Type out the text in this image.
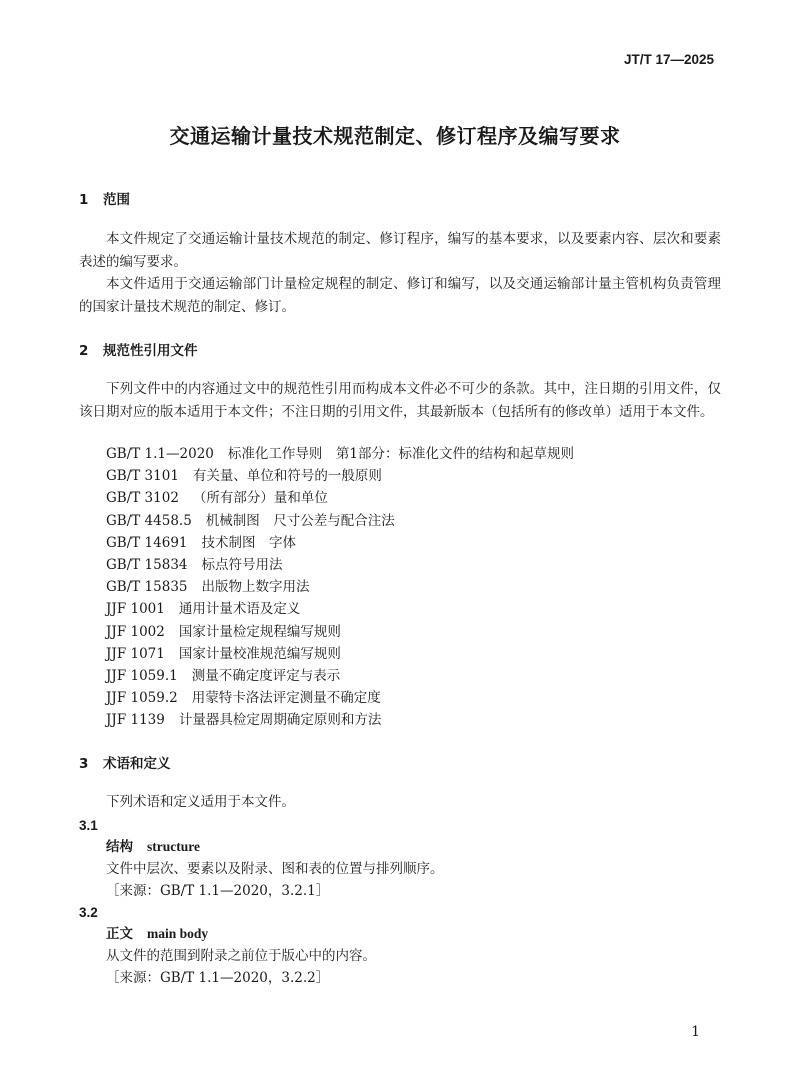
JT/T 17—2025
交通运输计量技术规范制定、修订程序及编写要求
1 范围
本文件规定了交通运输计量技术规范的制定、修订程序，编写的基本要求，以及要素内容、层次和要素表述的编写要求。
本文件适用于交通运输部门计量检定规程的制定、修订和编写，以及交通运输部计量主管机构负责管理的国家计量技术规范的制定、修订。
2 规范性引用文件
下列文件中的内容通过文中的规范性引用而构成本文件必不可少的条款。其中，注日期的引用文件，仅该日期对应的版本适用于本文件；不注日期的引用文件，其最新版本（包括所有的修改单）适用于本文件。
GB/T 1.1—2020 标准化工作导则　第1部分：标准化文件的结构和起草规则
GB/T 3101 有关量、单位和符号的一般原则
GB/T 3102 （所有部分）量和单位
GB/T 4458.5 机械制图　尺寸公差与配合注法
GB/T 14691 技术制图　字体
GB/T 15834 标点符号用法
GB/T 15835 出版物上数字用法
JJF 1001 通用计量术语及定义
JJF 1002 国家计量检定规程编写规则
JJF 1071 国家计量校准规范编写规则
JJF 1059.1 测量不确定度评定与表示
JJF 1059.2 用蒙特卡洛法评定测量不确定度
JJF 1139 计量器具检定周期确定原则和方法
3 术语和定义
下列术语和定义适用于本文件。
3.1
结构 structure
文件中层次、要素以及附录、图和表的位置与排列顺序。
［来源：GB/T 1.1—2020，3.2.1］
3.2
正文 main body
从文件的范围到附录之前位于版心中的内容。
［来源：GB/T 1.1—2020，3.2.2］
1
